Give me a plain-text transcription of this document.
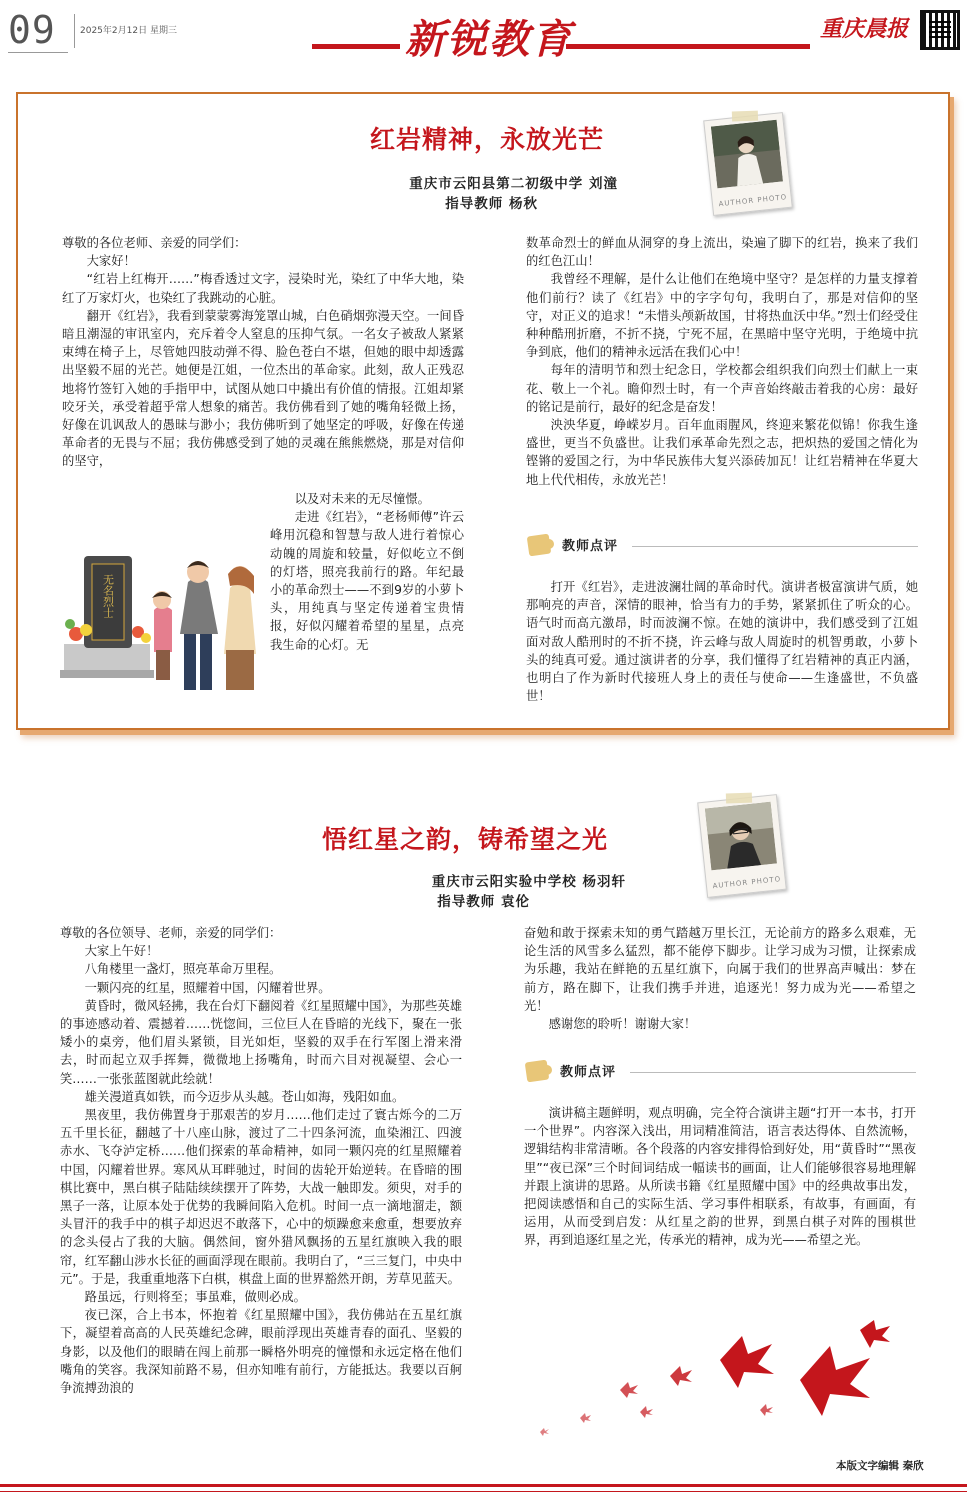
09	2025年2月12日 星期三	新锐教育	重庆晨报
红岩精神，永放光芒
重庆市云阳县第二初级中学 刘潼
指导教师 杨秋	AUTHOR PHOTO

尊敬的各位老师、亲爱的同学们：

大家好！

“红岩上红梅开……”梅香透过文字，浸染时光，染红了中华大地，染红了万家灯火，也染红了我跳动的心脏。

翻开《红岩》，我看到蒙蒙雾海笼罩山城，白色硝烟弥漫天空。一间昏暗且潮湿的审讯室内，充斥着令人窒息的压抑气氛。一名女子被敌人紧紧束缚在椅子上，尽管她四肢动弹不得、脸色苍白不堪，但她的眼中却透露出坚毅不屈的光芒。她便是江姐，一位杰出的革命家。此刻，敌人正残忍地将竹签钉入她的手指甲中，试图从她口中撬出有价值的情报。江姐却紧咬牙关，承受着超乎常人想象的痛苦。我仿佛看到了她的嘴角轻微上扬，好像在讥讽敌人的愚昧与渺小；我仿佛听到了她坚定的呼吸，好像在传递革命者的无畏与不屈；我仿佛感受到了她的灵魂在熊熊燃烧，那是对信仰的坚守，

以及对未来的无尽憧憬。

走进《红岩》，“老杨师傅”许云峰用沉稳和智慧与敌人进行着惊心动魄的周旋和较量，好似屹立不倒的灯塔，照亮我前行的路。年纪最小的革命烈士——不到9岁的小萝卜头，用纯真与坚定传递着宝贵情报，好似闪耀着希望的星星，点亮我生命的心灯。无

无名烈士

数革命烈士的鲜血从洞穿的身上流出，染遍了脚下的红岩，换来了我们的红色江山！

我曾经不理解，是什么让他们在绝境中坚守？是怎样的力量支撑着他们前行？读了《红岩》中的字字句句，我明白了，那是对信仰的坚守，对正义的追求！“未惜头颅新故国，甘将热血沃中华。”烈士们经受住种种酷刑折磨，不折不挠，宁死不屈，在黑暗中坚守光明，于绝境中抗争到底，他们的精神永远活在我们心中！

每年的清明节和烈士纪念日，学校都会组织我们向烈士们献上一束花、敬上一个礼。瞻仰烈士时，有一个声音始终敲击着我的心房：最好的铭记是前行，最好的纪念是奋发！

泱泱华夏，峥嵘岁月。百年血雨腥风，终迎来繁花似锦！你我生逢盛世，更当不负盛世。让我们承革命先烈之志，把炽热的爱国之情化为铿锵的爱国之行，为中华民族伟大复兴添砖加瓦！让红岩精神在华夏大地上代代相传，永放光芒！

教师点评

打开《红岩》，走进波澜壮阔的革命时代。演讲者极富演讲气质，她那响亮的声音，深情的眼神，恰当有力的手势，紧紧抓住了听众的心。语气时而高亢激昂，时而波澜不惊。在她的演讲中，我们感受到了江姐面对敌人酷刑时的不折不挠，许云峰与敌人周旋时的机智勇敢，小萝卜头的纯真可爱。通过演讲者的分享，我们懂得了红岩精神的真正内涵，也明白了作为新时代接班人身上的责任与使命——生逢盛世，不负盛世！

悟红星之韵，铸希望之光
重庆市云阳实验中学校 杨羽轩
指导教师 袁伦
AUTHOR PHOTO

尊敬的各位领导、老师，亲爱的同学们：

大家上午好！

八角楼里一盏灯，照亮革命万里程。

一颗闪亮的红星，照耀着中国，闪耀着世界。

黄昏时，微风轻拂，我在台灯下翻阅着《红星照耀中国》，为那些英雄的事迹感动着、震撼着……恍惚间，三位巨人在昏暗的光线下，聚在一张矮小的桌旁，他们眉头紧锁，目光如炬，坚毅的双手在行军图上滑来滑去，时而起立双手挥舞，微微地上扬嘴角，时而六目对视凝望、会心一笑……一张张蓝图就此绘就！

雄关漫道真如铁，而今迈步从头越。苍山如海，残阳如血。

黑夜里，我仿佛置身于那艰苦的岁月……他们走过了寰古烁今的二万五千里长征，翻越了十八座山脉，渡过了二十四条河流，血染湘江、四渡赤水、飞夺泸定桥……他们探索的革命精神，如同一颗闪亮的红星照耀着中国，闪耀着世界。寒风从耳畔驰过，时间的齿轮开始逆转。在昏暗的围棋比赛中，黑白棋子陆陆续续摆开了阵势，大战一触即发。须臾，对手的黑子一落，让原本处于优势的我瞬间陷入危机。时间一点一滴地溜走，额头冒汗的我手中的棋子却迟迟不敢落下，心中的烦躁愈来愈重，想要放弃的念头侵占了我的大脑。偶然间，窗外猎风飘扬的五星红旗映入我的眼帘，红军翻山涉水长征的画面浮现在眼前。我明白了，“三三复门，中央中元”。于是，我重重地落下白棋，棋盘上面的世界豁然开朗，芳草见蓝天。

路虽远，行则将至；事虽难，做则必成。

夜已深，合上书本，怀抱着《红星照耀中国》，我仿佛站在五星红旗下，凝望着高高的人民英雄纪念碑，眼前浮现出英雄青春的面孔、坚毅的身影，以及他们的眼睛在闯上前那一瞬格外明亮的憧憬和永远定格在他们嘴角的笑容。我深知前路不易，但亦知唯有前行，方能抵达。我要以百舸争流搏劲浪的

奋勉和敢于探索未知的勇气踏越万里长江，无论前方的路多么艰难，无论生活的风雪多么猛烈，都不能停下脚步。让学习成为习惯，让探索成为乐趣，我站在鲜艳的五星红旗下，向属于我们的世界高声喊出：梦在前方，路在脚下，让我们携手并进，追逐光！努力成为光——希望之光！

感谢您的聆听！谢谢大家！

教师点评

演讲稿主题鲜明，观点明确，完全符合演讲主题“打开一本书，打开一个世界”。内容深入浅出，用词精准简洁，语言表达得体、自然流畅，逻辑结构非常清晰。各个段落的内容安排得恰到好处，用“黄昏时”“黑夜里”“夜已深”三个时间词结成一幅读书的画面，让人们能够很容易地理解并跟上演讲的思路。从所读书籍《红星照耀中国》中的经典故事出发，把阅读感悟和自己的实际生活、学习事件相联系，有故事，有画面，有运用，从而受到启发：从红星之韵的世界，到黑白棋子对阵的围棋世界，再到追逐红星之光，传承光的精神，成为光——希望之光。

本版文字编辑 秦欣
